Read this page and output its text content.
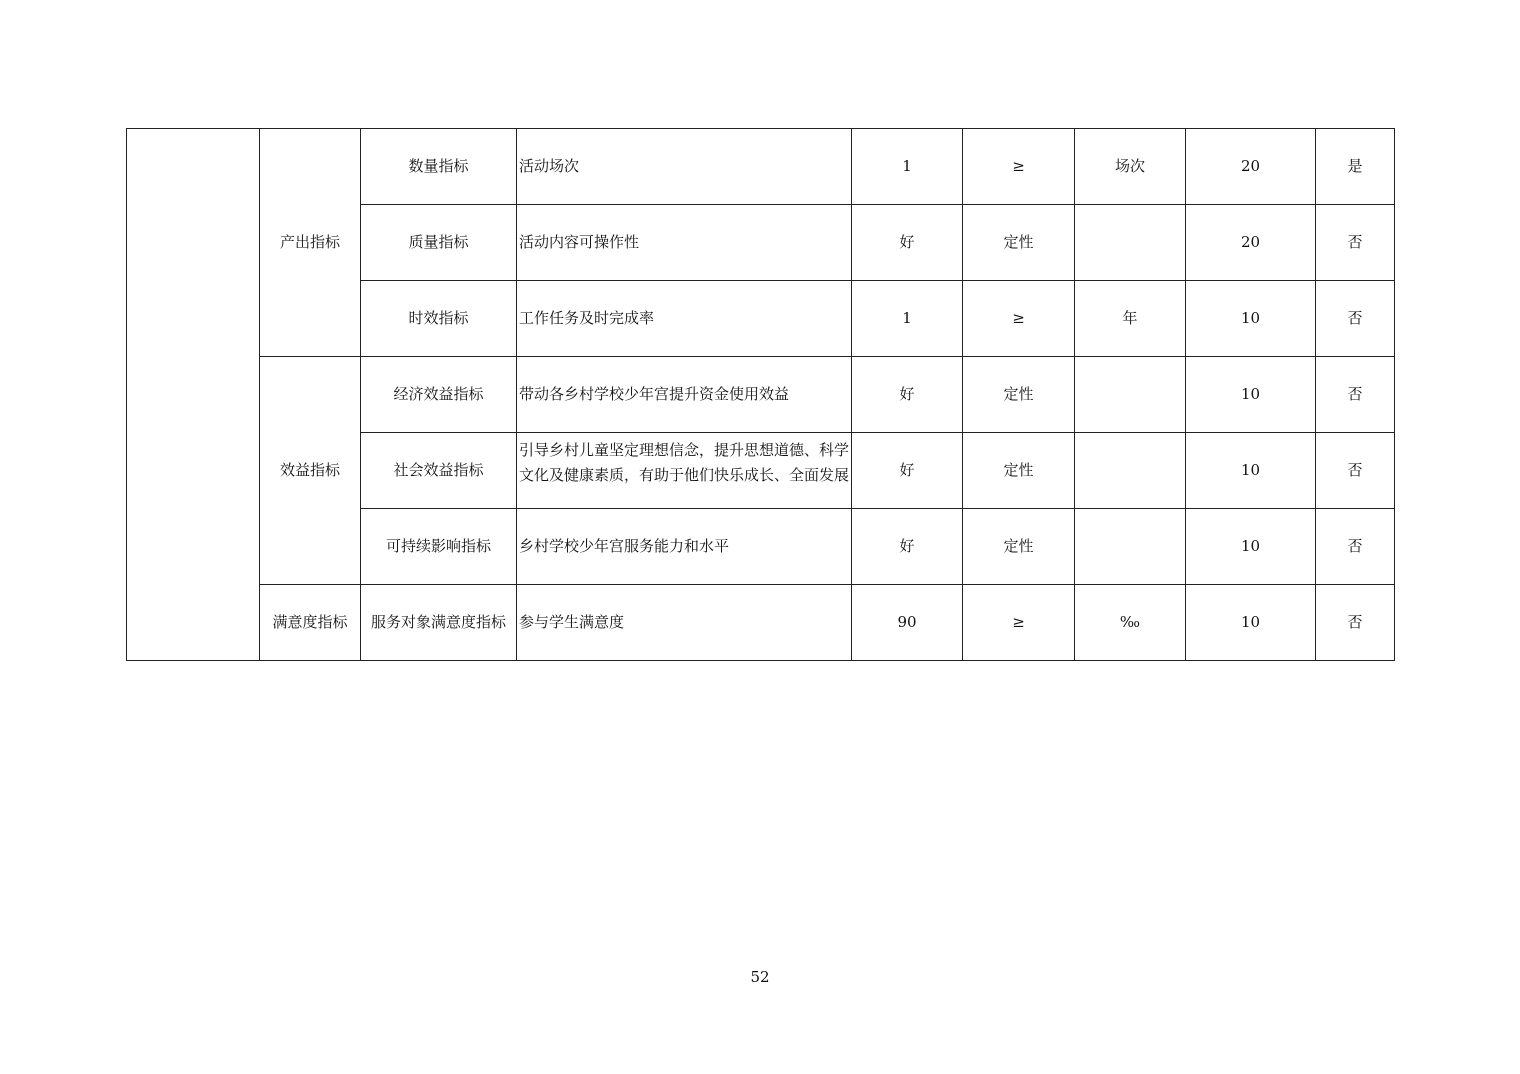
	产出指标	数量指标	活动场次	1	≥	场次	20	是
		质量指标	活动内容可操作性	好	定性		20	否
		时效指标	工作任务及时完成率	1	≥	年	10	否
	效益指标	经济效益指标	带动各乡村学校少年宫提升资金使用效益	好	定性		10	否
		社会效益指标	引导乡村儿童坚定理想信念，提升思想道德、科学文化及健康素质，有助于他们快乐成长、全面发展	好	定性		10	否
		可持续影响指标	乡村学校少年宫服务能力和水平	好	定性		10	否
	满意度指标	服务对象满意度指标	参与学生满意度	90	≥	‰	10	否
52
